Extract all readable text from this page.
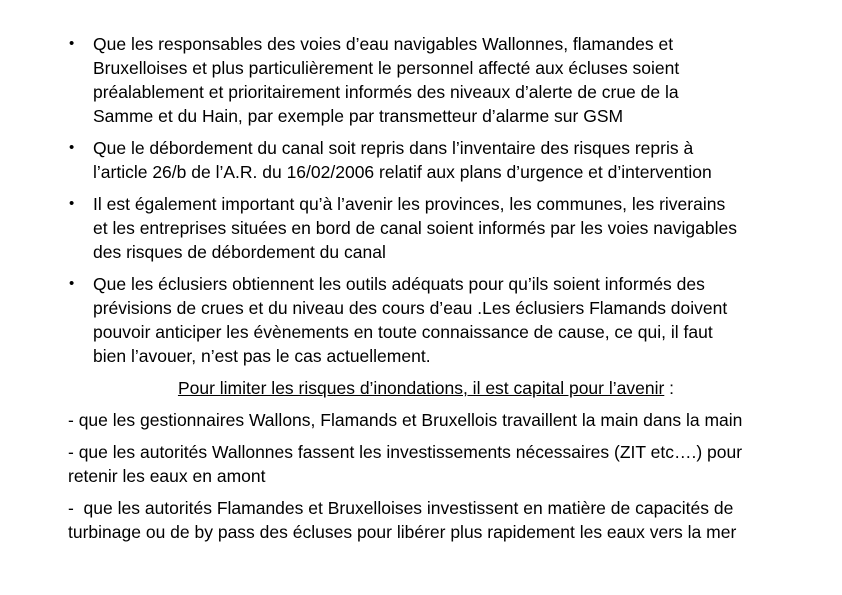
• Que les responsables des voies d’eau navigables Wallonnes, flamandes et
Bruxelloises et plus particulièrement le personnel affecté aux écluses soient
préalablement et prioritairement informés des niveaux d’alerte de crue de la
Samme et du Hain, par exemple par transmetteur d’alarme sur GSM
• Que le débordement du canal soit repris dans l’inventaire des risques repris à
l’article 26/b de l’A.R. du 16/02/2006 relatif aux plans d’urgence et d’intervention
• Il est également important qu’à l’avenir les provinces, les communes, les riverains
et les entreprises situées en bord de canal soient informés par les voies navigables
des risques de débordement du canal
• Que les éclusiers obtiennent les outils adéquats pour qu’ils soient informés des
prévisions de crues et du niveau des cours d’eau .Les éclusiers Flamands doivent
pouvoir anticiper les évènements en toute connaissance de cause, ce qui, il faut
bien l’avouer, n’est pas le cas actuellement.
Pour limiter les risques d’inondations, il est capital pour l’avenir :
- que les gestionnaires Wallons, Flamands et Bruxellois travaillent la main dans la main
- que les autorités Wallonnes fassent les investissements nécessaires (ZIT etc….) pour
retenir les eaux en amont
-  que les autorités Flamandes et Bruxelloises investissent en matière de capacités de
turbinage ou de by pass des écluses pour libérer plus rapidement les eaux vers la mer
